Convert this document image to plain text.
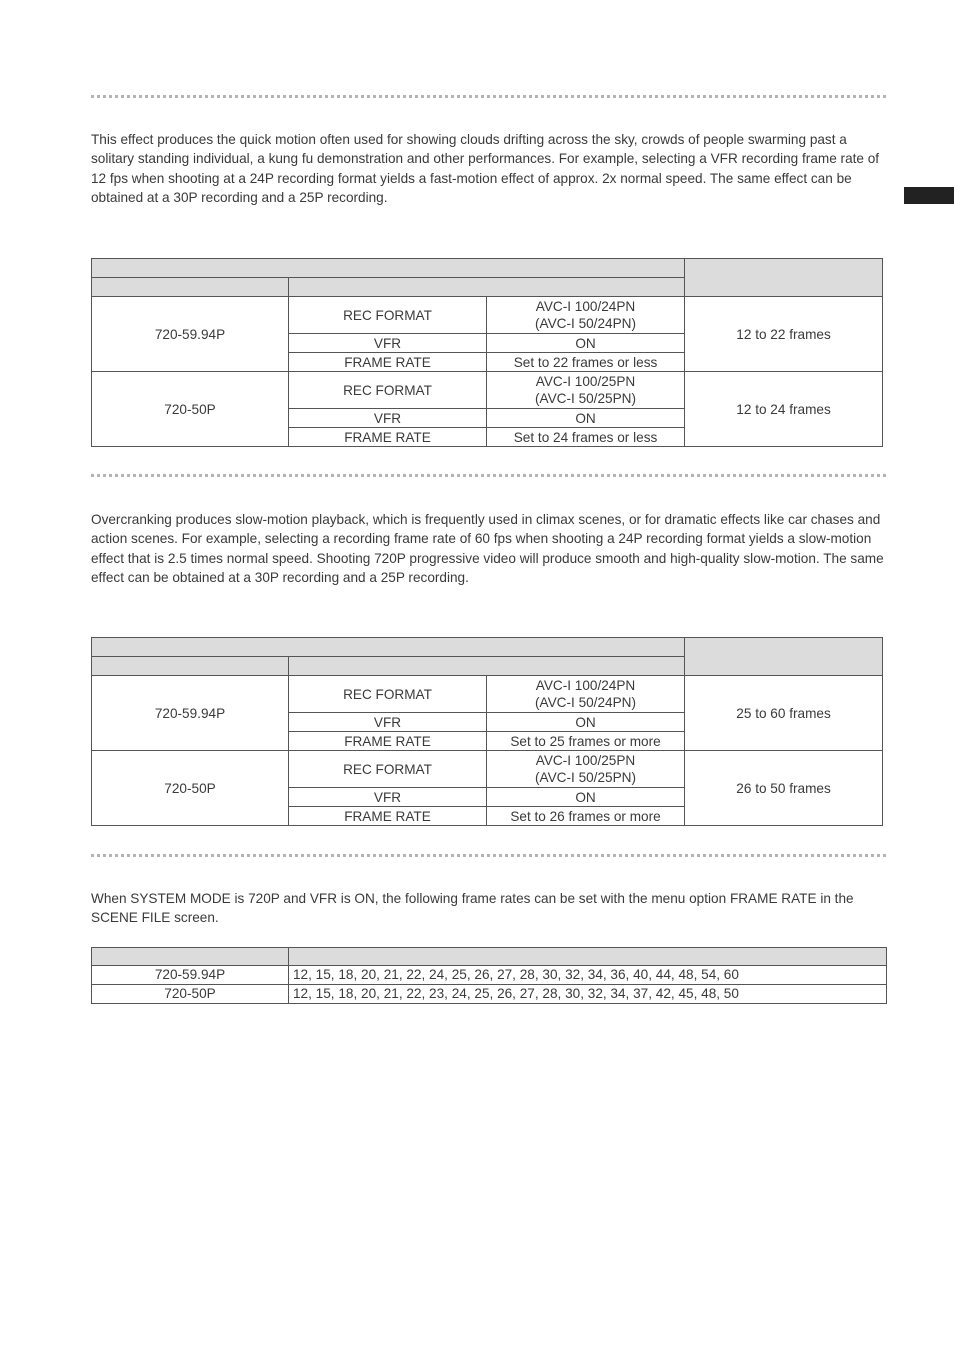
This effect produces the quick motion often used for showing clouds drifting across the sky, crowds of people swarming past a solitary standing individual, a kung fu demonstration and other performances. For example, selecting a VFR recording frame rate of 12 fps when shooting at a 24P recording format yields a fast-motion effect of approx. 2x normal speed. The same effect can be obtained at a 30P recording and a 25P recording.

720-59.94P	REC FORMAT	AVC-I 100/24PN
(AVC-I 50/24PN)	12 to 22 frames
	VFR	ON	
	FRAME RATE	Set to 22 frames or less	
720-50P	REC FORMAT	AVC-I 100/25PN
(AVC-I 50/25PN)	12 to 24 frames
	VFR	ON	
	FRAME RATE	Set to 24 frames or less	

Overcranking produces slow-motion playback, which is frequently used in climax scenes, or for dramatic effects like car chases and action scenes. For example, selecting a recording frame rate of 60 fps when shooting a 24P recording format yields a slow-motion effect that is 2.5 times normal speed. Shooting 720P progressive video will produce smooth and high-quality slow-motion. The same effect can be obtained at a 30P recording and a 25P recording.

720-59.94P	REC FORMAT	AVC-I 100/24PN
(AVC-I 50/24PN)	25 to 60 frames
	VFR	ON	
	FRAME RATE	Set to 25 frames or more	
720-50P	REC FORMAT	AVC-I 100/25PN
(AVC-I 50/25PN)	26 to 50 frames
	VFR	ON	
	FRAME RATE	Set to 26 frames or more	

When SYSTEM MODE is 720P and VFR is ON, the following frame rates can be set with the menu option FRAME RATE in the SCENE FILE screen.

720-59.94P	12, 15, 18, 20, 21, 22, 24, 25, 26, 27, 28, 30, 32, 34, 36, 40, 44, 48, 54, 60
720-50P	12, 15, 18, 20, 21, 22, 23, 24, 25, 26, 27, 28, 30, 32, 34, 37, 42, 45, 48, 50
